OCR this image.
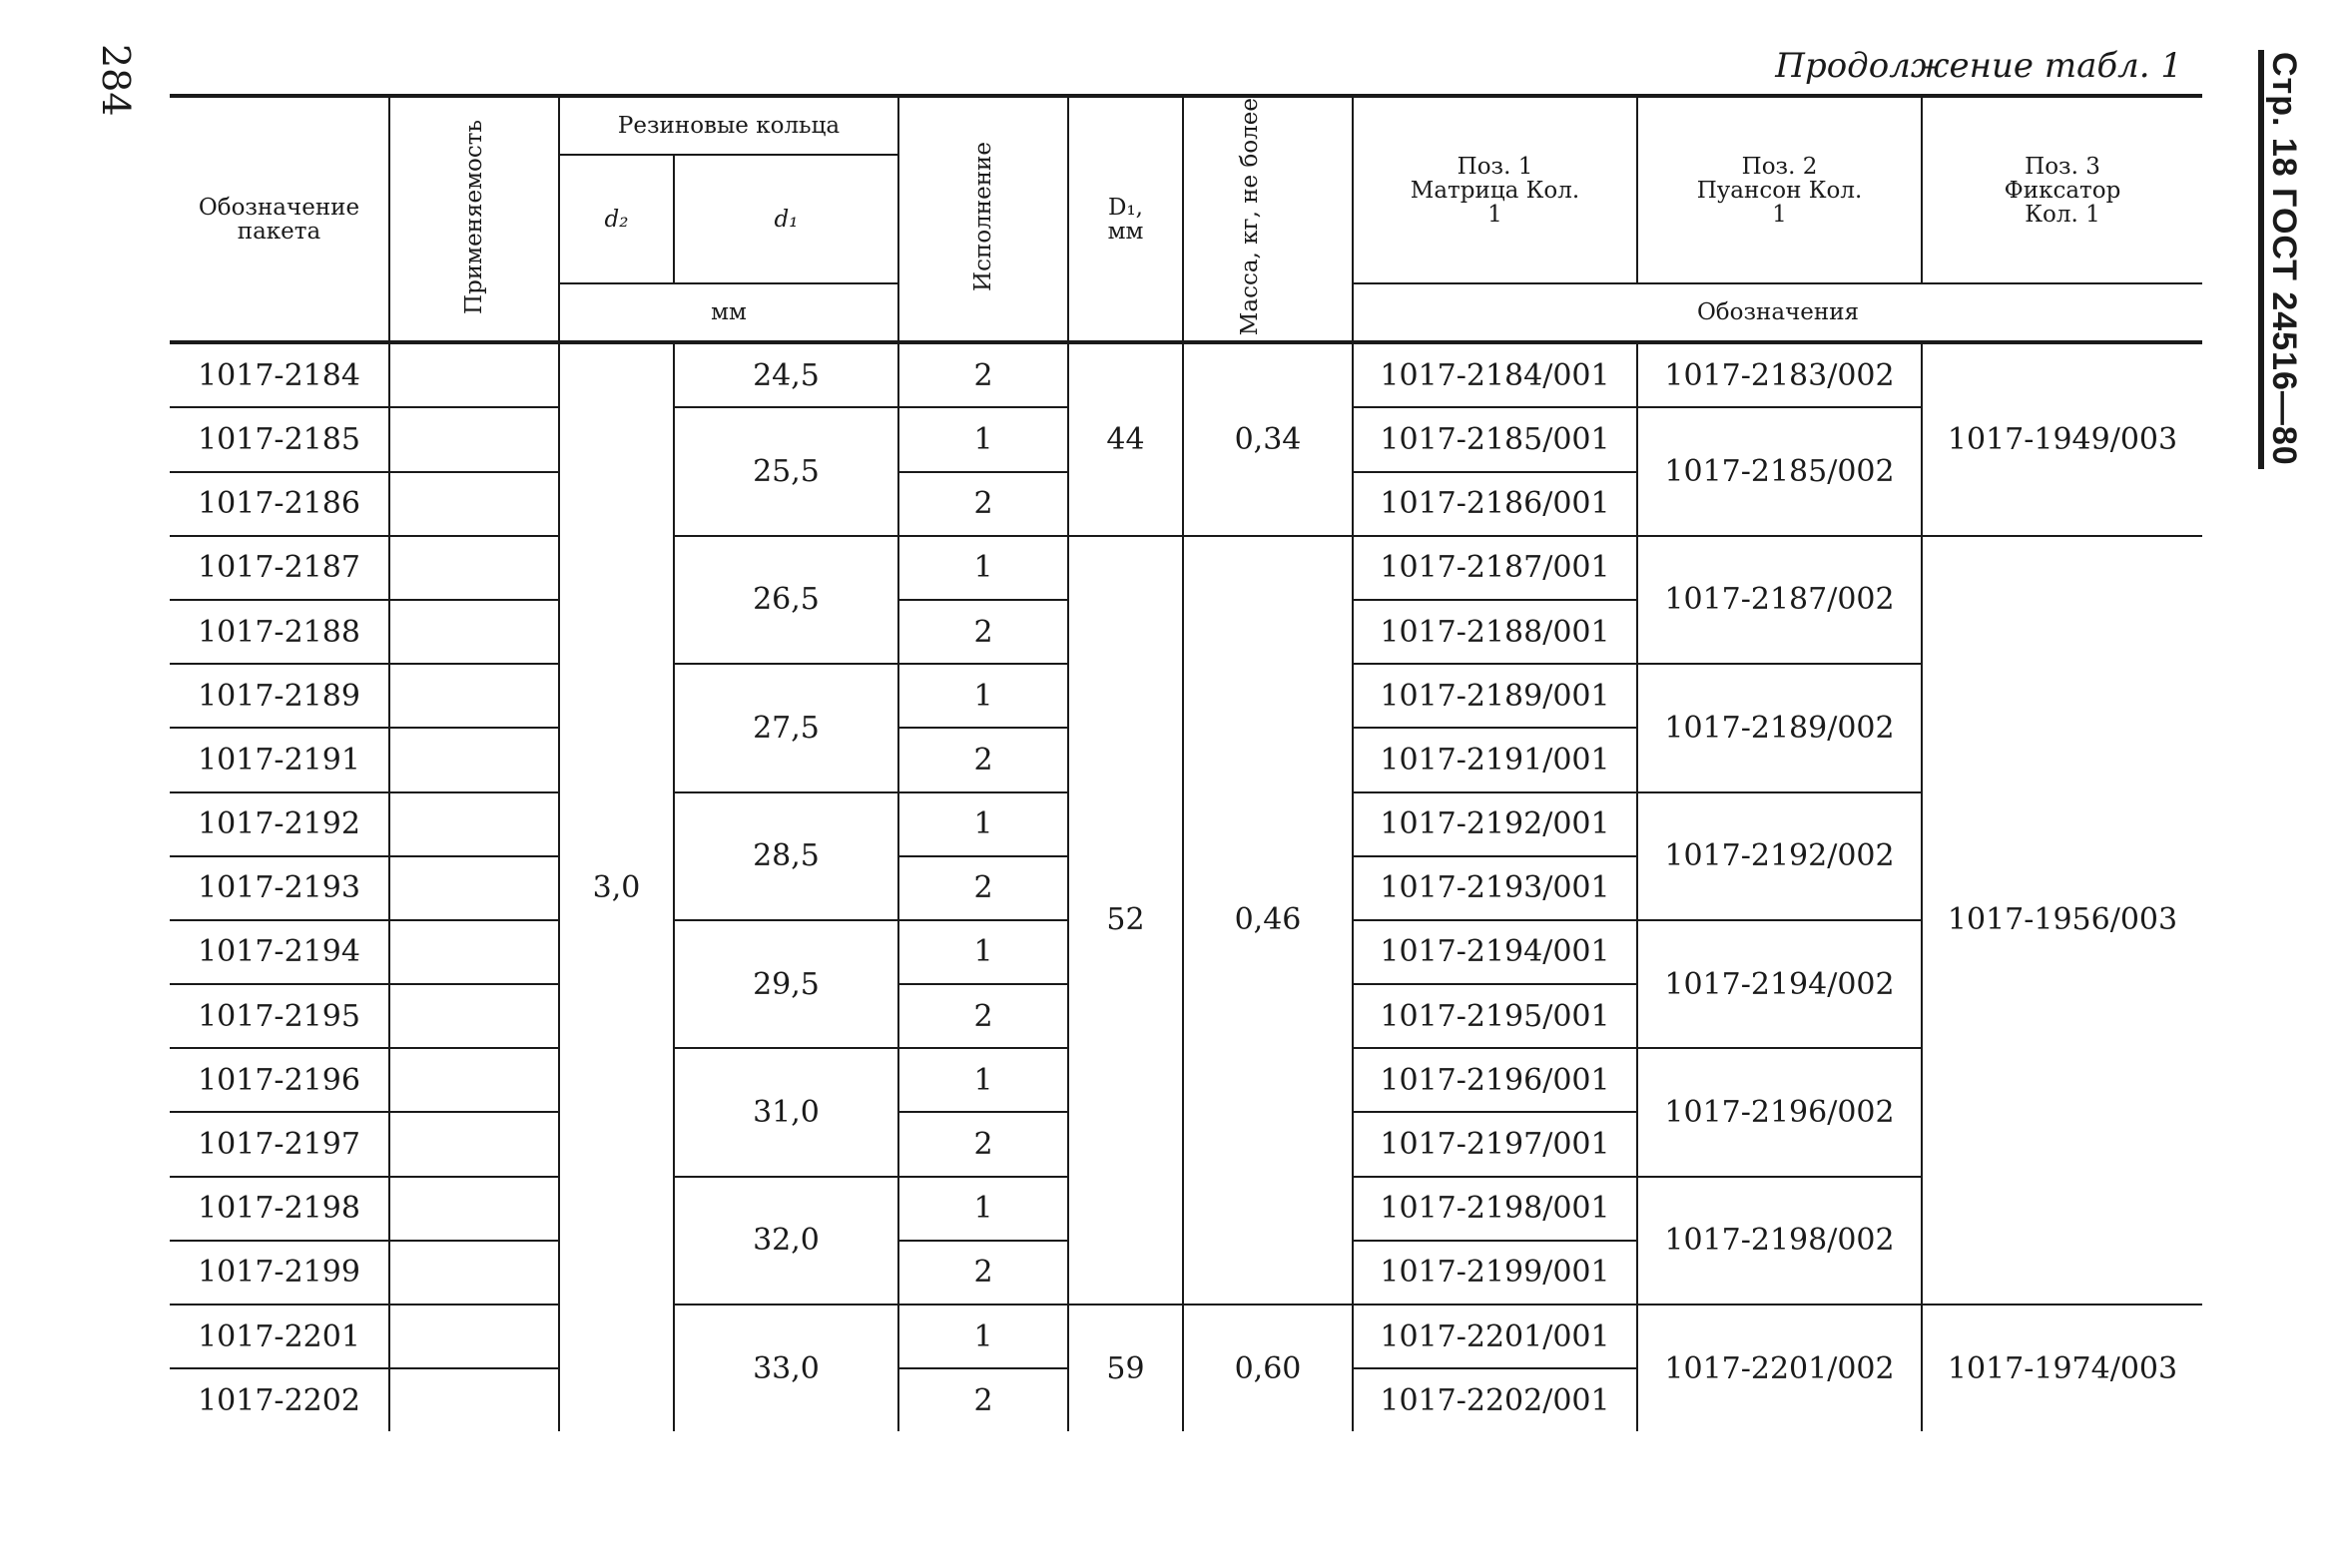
284	Продолжение табл. 1 Стр. 18 ГОСТ 24516—80
Обозначение пакета	Применяемость	Резиновые кольца		Исполнение	D₁, мм	Масса, кг, не более	Поз. 1 Матрица Кол. 1	Поз. 2 Пуансон Кол. 1	Поз. 3 Фиксатор Кол. 1
		d₂	d₁						
		мм					Обозначения		
1017-2184		3,0	24,5	2	44	0,34	1017-2184/001	1017-2183/002	1017-1949/003
1017-2185			25,5	1			1017-2185/001	1017-2185/002	
1017-2186				2			1017-2186/001		
1017-2187			26,5	1	52	0,46	1017-2187/001	1017-2187/002	1017-1956/003
1017-2188				2			1017-2188/001		
1017-2189			27,5	1			1017-2189/001	1017-2189/002	
1017-2191				2			1017-2191/001		
1017-2192			28,5	1			1017-2192/001	1017-2192/002	
1017-2193				2			1017-2193/001		
1017-2194			29,5	1			1017-2194/001	1017-2194/002	
1017-2195				2			1017-2195/001		
1017-2196			31,0	1			1017-2196/001	1017-2196/002	
1017-2197				2			1017-2197/001		
1017-2198			32,0	1			1017-2198/001	1017-2198/002	
1017-2199				2			1017-2199/001		
1017-2201			33,0	1	59	0,60	1017-2201/001	1017-2201/002	1017-1974/003
1017-2202				2			1017-2202/001		
